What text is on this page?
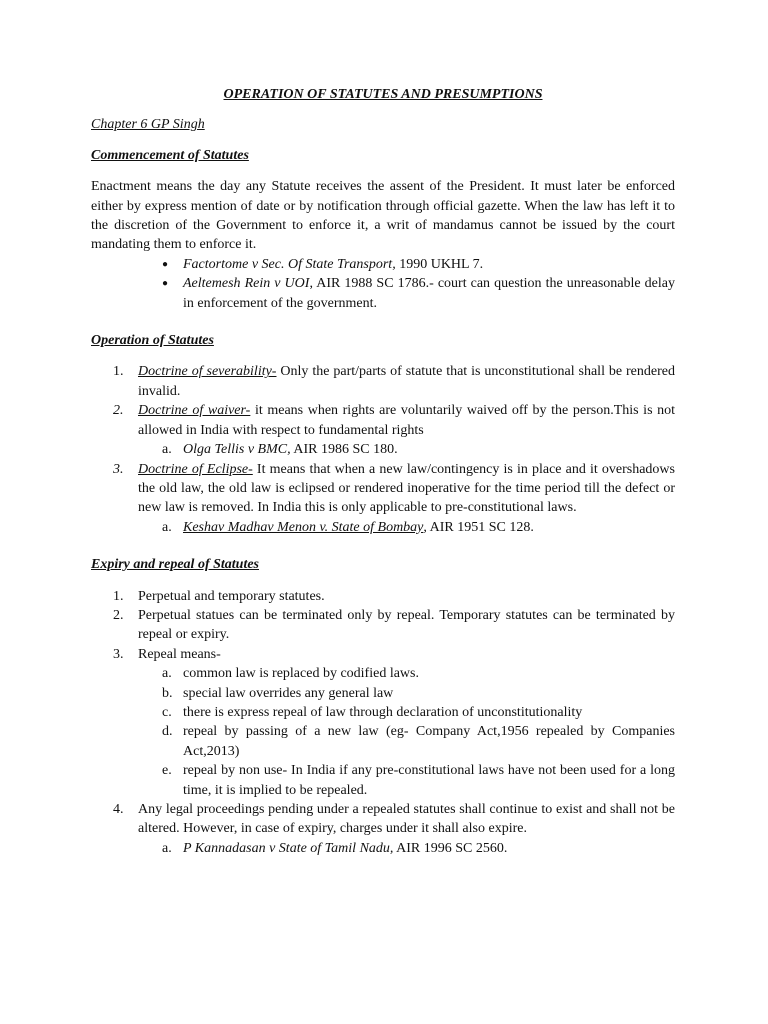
OPERATION OF STATUTES AND PRESUMPTIONS
Chapter 6 GP Singh
Commencement of Statutes

Enactment means the day any Statute receives the assent of the President. It must later be enforced either by express mention of date or by notification through official gazette. When the law has left it to the discretion of the Government to enforce it, a writ of mandamus cannot be issued by the court mandating them to enforce it.

● Factortome v Sec. Of State Transport, 1990 UKHL 7.
● Aeltemesh Rein v UOI, AIR 1988 SC 1786.- court can question the unreasonable delay in enforcement of the government.
Operation of Statutes
1. Doctrine of severability- Only the part/parts of statute that is unconstitutional shall be rendered invalid.
2. Doctrine of waiver- it means when rights are voluntarily waived off by the person.This is not allowed in India with respect to fundamental rights
a. Olga Tellis v BMC, AIR 1986 SC 180.
3. Doctrine of Eclipse- It means that when a new law/contingency is in place and it overshadows the old law, the old law is eclipsed or rendered inoperative for the time period till the defect or new law is removed. In India this is only applicable to pre-constitutional laws.
a. Keshav Madhav Menon v. State of Bombay, AIR 1951 SC 128.
Expiry and repeal of Statutes
1. Perpetual and temporary statutes.
2. Perpetual statues can be terminated only by repeal. Temporary statutes can be terminated by repeal or expiry.
3. Repeal means-
a. common law is replaced by codified laws.
b. special law overrides any general law
c. there is express repeal of law through declaration of unconstitutionality
d. repeal by passing of a new law (eg- Company Act,1956 repealed by Companies Act,2013)
e. repeal by non use- In India if any pre-constitutional laws have not been used for a long time, it is implied to be repealed.
4. Any legal proceedings pending under a repealed statutes shall continue to exist and shall not be altered. However, in case of expiry, charges under it shall also expire.
a. P Kannadasan v State of Tamil Nadu, AIR 1996 SC 2560.
